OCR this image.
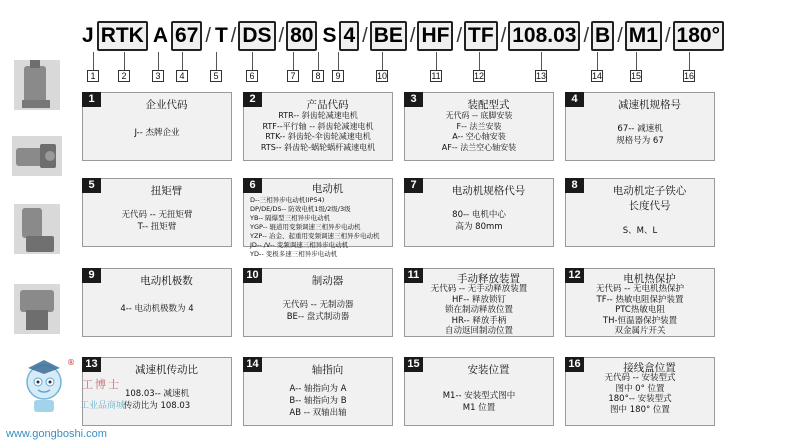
J RTK A 67 / T / DS / 80 S 4 / BE / HF / TF / 108.03 / B / M1 / 180°
1	2	3	4	5	6	7	8	9	10	11	12	13	14	15	16
1	企业代码
J-- 杰牌企业
2	产品代码
RTR-- 斜齿轮减速电机
RTF--平行轴 -- 斜齿轮减速电机
RTK-- 斜齿轮-伞齿轮减速电机
RTS-- 斜齿轮-蜗轮蜗杆减速电机
3	装配型式
无代码 -- 底脚安装
F-- 法兰安装
A-- 空心轴安装
AF-- 法兰空心轴安装
4	减速机规格号
67-- 减速机
规格号为 67
5	扭矩臂
无代码 -- 无扭矩臂
T-- 扭矩臂
6	电动机
D--三相异步电动机(IP54)
DP/DE/DS-- 防效电机1级/2级/3级
YB-- 隔爆型三相异步电动机
YGP-- 辊道用变频调速三相异步电动机
YZP-- 冶金、起重用变频调速三相异步电动机
JD-- /V-- 变频调速三相异步电动机
YD-- 变极多速三相异步电动机
7	电动机规格代号
80-- 电机中心
高为 80mm
8	电动机定子铁心
长度代号
S、M、L
9	电动机极数
4-- 电动机极数为 4
10	制动器
无代码 -- 无制动器
BE-- 盘式制动器
11	手动释放装置
无代码 -- 无手动释放装置
HF-- 释放锁钉
锁在制动释放位置
HR-- 释放手柄
自动返回制动位置
12	电机热保护
无代码 -- 无电机热保护
TF-- 热敏电阻保护装置
PTC热敏电阻
TH-恒温器保护装置
双金属片开关
13	减速机传动比
108.03-- 减速机
传动比为 108.03
14	轴指向
A-- 轴指向为 A
B-- 轴指向为 B
AB -- 双轴出轴
15	安装位置
M1-- 安装型式图中
M1 位置
16	接线盒位置
无代码 -- 安装型式
图中 0° 位置
180°-- 安装型式
图中 180° 位置
®
工博士
工业品商城
www.gongboshi.com
